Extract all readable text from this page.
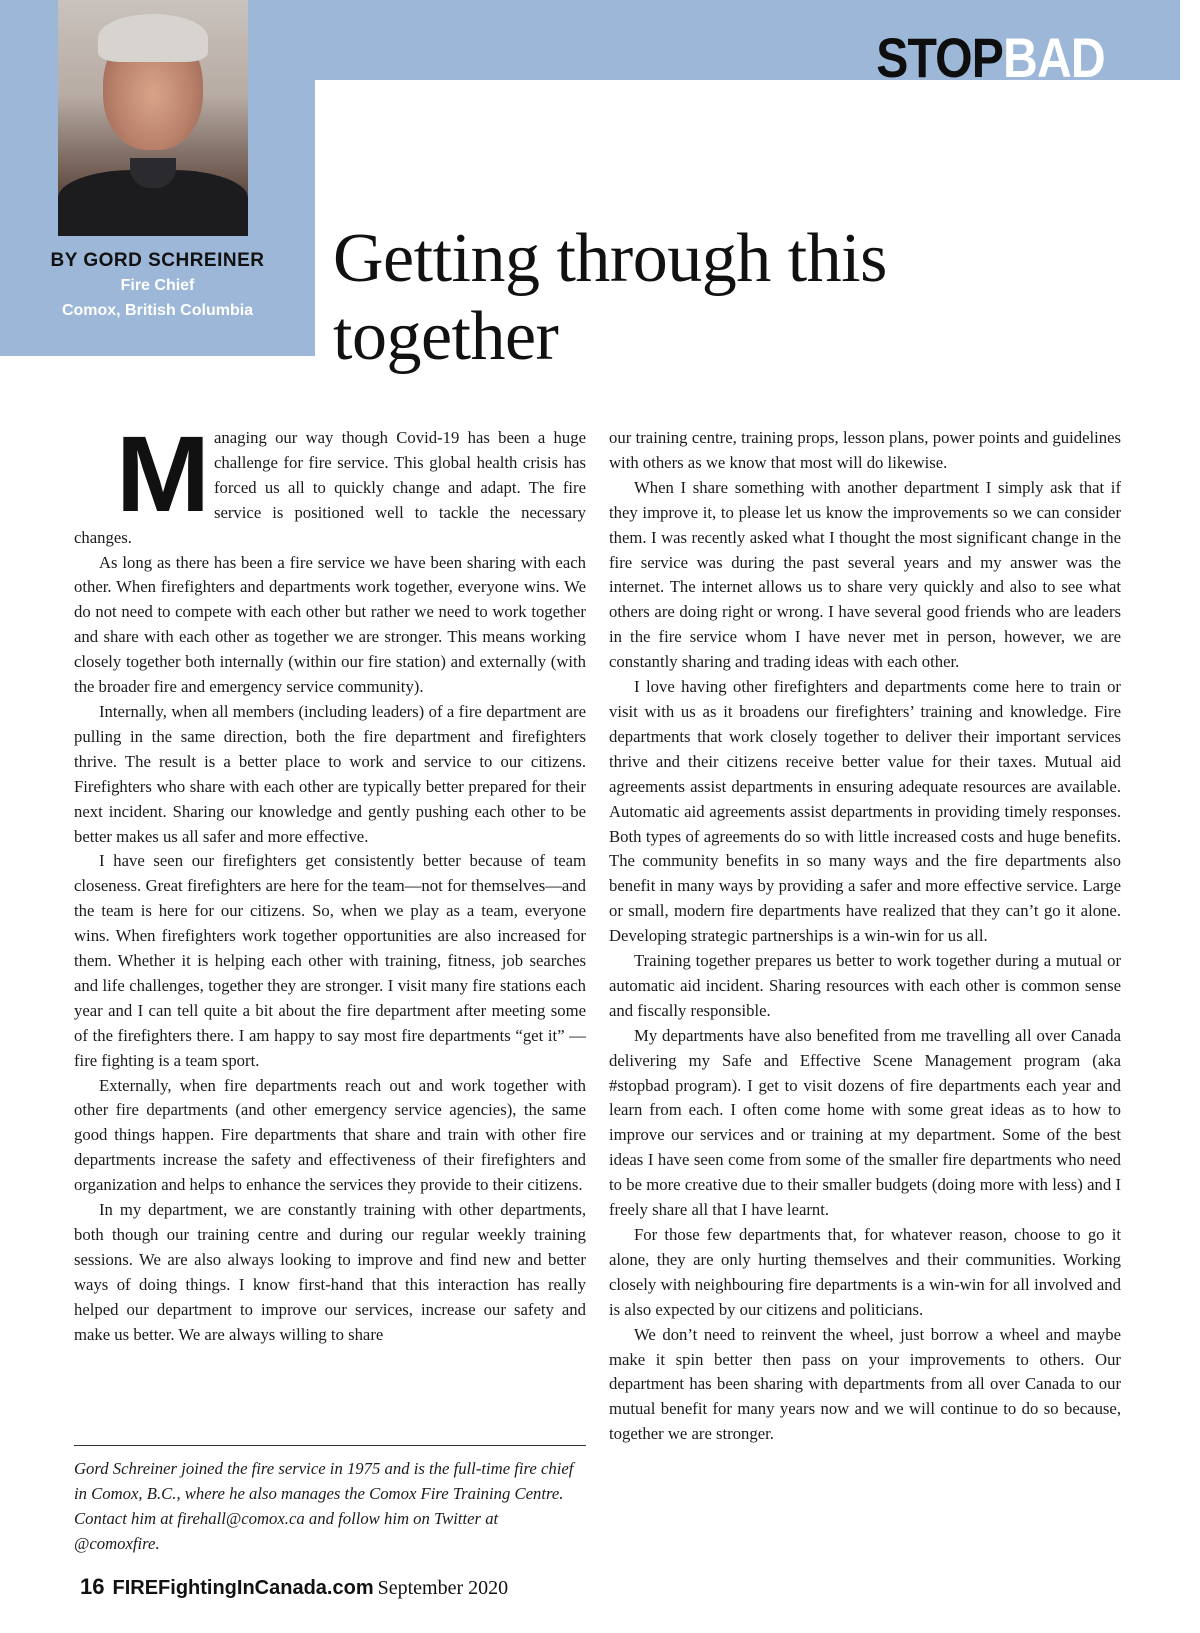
STOPBAD
BY GORD SCHREINER
Fire Chief
Comox, British Columbia
Getting through this
together

Managing our way though Covid-19 has been a huge challenge for fire service. This global health crisis has forced us all to quickly change and adapt. The fire service is positioned well to tackle the necessary changes.

As long as there has been a fire service we have been sharing with each other. When firefighters and departments work together, everyone wins. We do not need to compete with each other but rather we need to work together and share with each other as together we are stronger. This means working closely together both internally (within our fire station) and externally (with the broader fire and emergency service community).

Internally, when all members (including leaders) of a fire department are pulling in the same direction, both the fire department and firefighters thrive. The result is a better place to work and service to our citizens. Firefighters who share with each other are typically better prepared for their next incident. Sharing our knowledge and gently pushing each other to be better makes us all safer and more effective.

I have seen our firefighters get consistently better because of team closeness. Great firefighters are here for the team—not for themselves—and the team is here for our citizens. So, when we play as a team, everyone wins. When firefighters work together opportunities are also increased for them. Whether it is helping each other with training, fitness, job searches and life challenges, together they are stronger. I visit many fire stations each year and I can tell quite a bit about the fire department after meeting some of the firefighters there. I am happy to say most fire departments “get it” — fire fighting is a team sport.

Externally, when fire departments reach out and work together with other fire departments (and other emergency service agencies), the same good things happen. Fire departments that share and train with other fire departments increase the safety and effectiveness of their firefighters and organization and helps to enhance the services they provide to their citizens.

In my department, we are constantly training with other departments, both though our training centre and during our regular weekly training sessions. We are also always looking to improve and find new and better ways of doing things. I know first-hand that this interaction has really helped our department to improve our services, increase our safety and make us better. We are always willing to share

Gord Schreiner joined the fire service in 1975 and is the full-time fire chief in Comox, B.C., where he also manages the Comox Fire Training Centre. Contact him at firehall@comox.ca and follow him on Twitter at @comoxfire.

our training centre, training props, lesson plans, power points and guidelines with others as we know that most will do likewise.

When I share something with another department I simply ask that if they improve it, to please let us know the improvements so we can consider them. I was recently asked what I thought the most significant change in the fire service was during the past several years and my answer was the internet. The internet allows us to share very quickly and also to see what others are doing right or wrong. I have several good friends who are leaders in the fire service whom I have never met in person, however, we are constantly sharing and trading ideas with each other.

I love having other firefighters and departments come here to train or visit with us as it broadens our firefighters’ training and knowledge. Fire departments that work closely together to deliver their important services thrive and their citizens receive better value for their taxes. Mutual aid agreements assist departments in ensuring adequate resources are available. Automatic aid agreements assist departments in providing timely responses. Both types of agreements do so with little increased costs and huge benefits. The community benefits in so many ways and the fire departments also benefit in many ways by providing a safer and more effective service. Large or small, modern fire departments have realized that they can’t go it alone. Developing strategic partnerships is a win-win for us all.

Training together prepares us better to work together during a mutual or automatic aid incident. Sharing resources with each other is common sense and fiscally responsible.

My departments have also benefited from me travelling all over Canada delivering my Safe and Effective Scene Management program (aka #stopbad program). I get to visit dozens of fire departments each year and learn from each. I often come home with some great ideas as to how to improve our services and or training at my department. Some of the best ideas I have seen come from some of the smaller fire departments who need to be more creative due to their smaller budgets (doing more with less) and I freely share all that I have learnt.

For those few departments that, for whatever reason, choose to go it alone, they are only hurting themselves and their communities. Working closely with neighbouring fire departments is a win-win for all involved and is also expected by our citizens and politicians.

We don’t need to reinvent the wheel, just borrow a wheel and maybe make it spin better then pass on your improvements to others. Our department has been sharing with departments from all over Canada to our mutual benefit for many years now and we will continue to do so because, together we are stronger.

16 FIREFightingInCanada.com September 2020
